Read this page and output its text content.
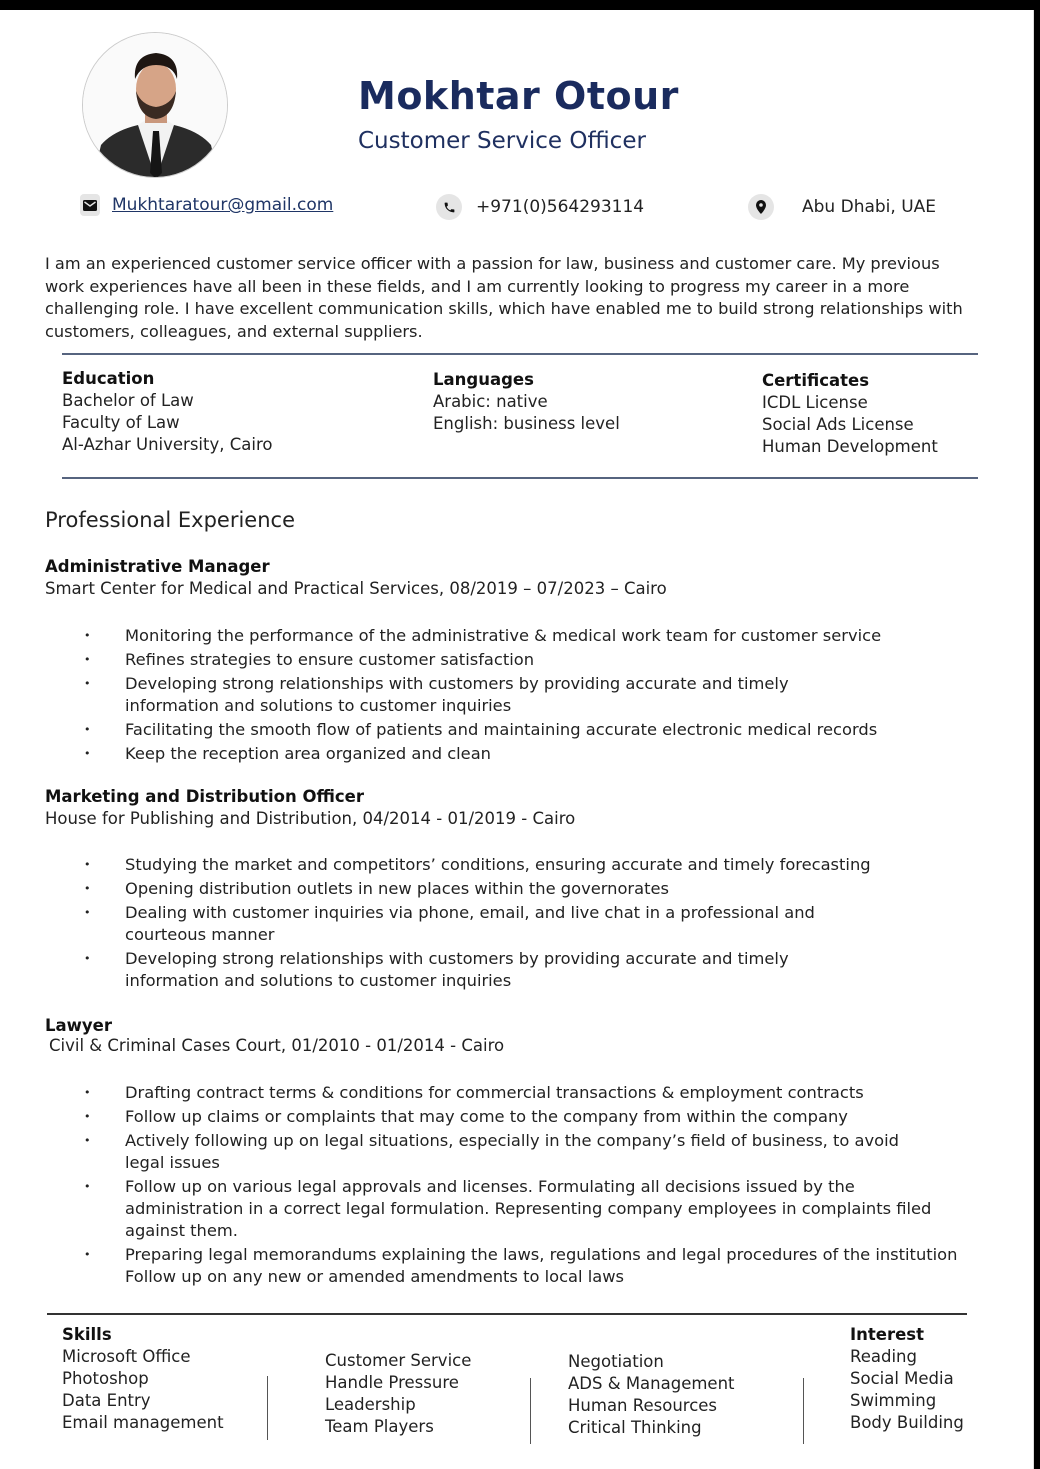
Mokhtar Otour
Customer Service Officer
Mukhtaratour@gmail.com	+971(0)564293114	Abu Dhabi, UAE

I am an experienced customer service officer with a passion for law, business and customer care. My previous work experiences have all been in these fields, and I am currently looking to progress my career in a more challenging role. I have excellent communication skills, which have enabled me to build strong relationships with customers, colleagues, and external suppliers.

Education
Bachelor of Law
Faculty of Law
Al-Azhar University, Cairo
Languages
Arabic: native
English: business level
Certificates
ICDL License
Social Ads License
Human Development
Professional Experience
Administrative Manager
Smart Center for Medical and Practical Services, 08/2019 – 07/2023 – Cairo
• Monitoring the performance of the administrative & medical work team for customer service
• Refines strategies to ensure customer satisfaction
• Developing strong relationships with customers by providing accurate and timely information and solutions to customer inquiries
• Facilitating the smooth flow of patients and maintaining accurate electronic medical records
• Keep the reception area organized and clean
Marketing and Distribution Officer
House for Publishing and Distribution, 04/2014 - 01/2019 - Cairo
• Studying the market and competitors’ conditions, ensuring accurate and timely forecasting
• Opening distribution outlets in new places within the governorates
• Dealing with customer inquiries via phone, email, and live chat in a professional and courteous manner
• Developing strong relationships with customers by providing accurate and timely information and solutions to customer inquiries
Lawyer
Civil & Criminal Cases Court, 01/2010 - 01/2014 - Cairo
• Drafting contract terms & conditions for commercial transactions & employment contracts
• Follow up claims or complaints that may come to the company from within the company
• Actively following up on legal situations, especially in the company’s field of business, to avoid legal issues
• Follow up on various legal approvals and licenses. Formulating all decisions issued by the administration in a correct legal formulation. Representing company employees in complaints filed against them.
• Preparing legal memorandums explaining the laws, regulations and legal procedures of the institution Follow up on any new or amended amendments to local laws
Skills
Microsoft Office
Photoshop
Data Entry
Email management
Customer Service
Handle Pressure
Leadership
Team Players
Negotiation
ADS & Management
Human Resources
Critical Thinking
Interest
Reading
Social Media
Swimming
Body Building
